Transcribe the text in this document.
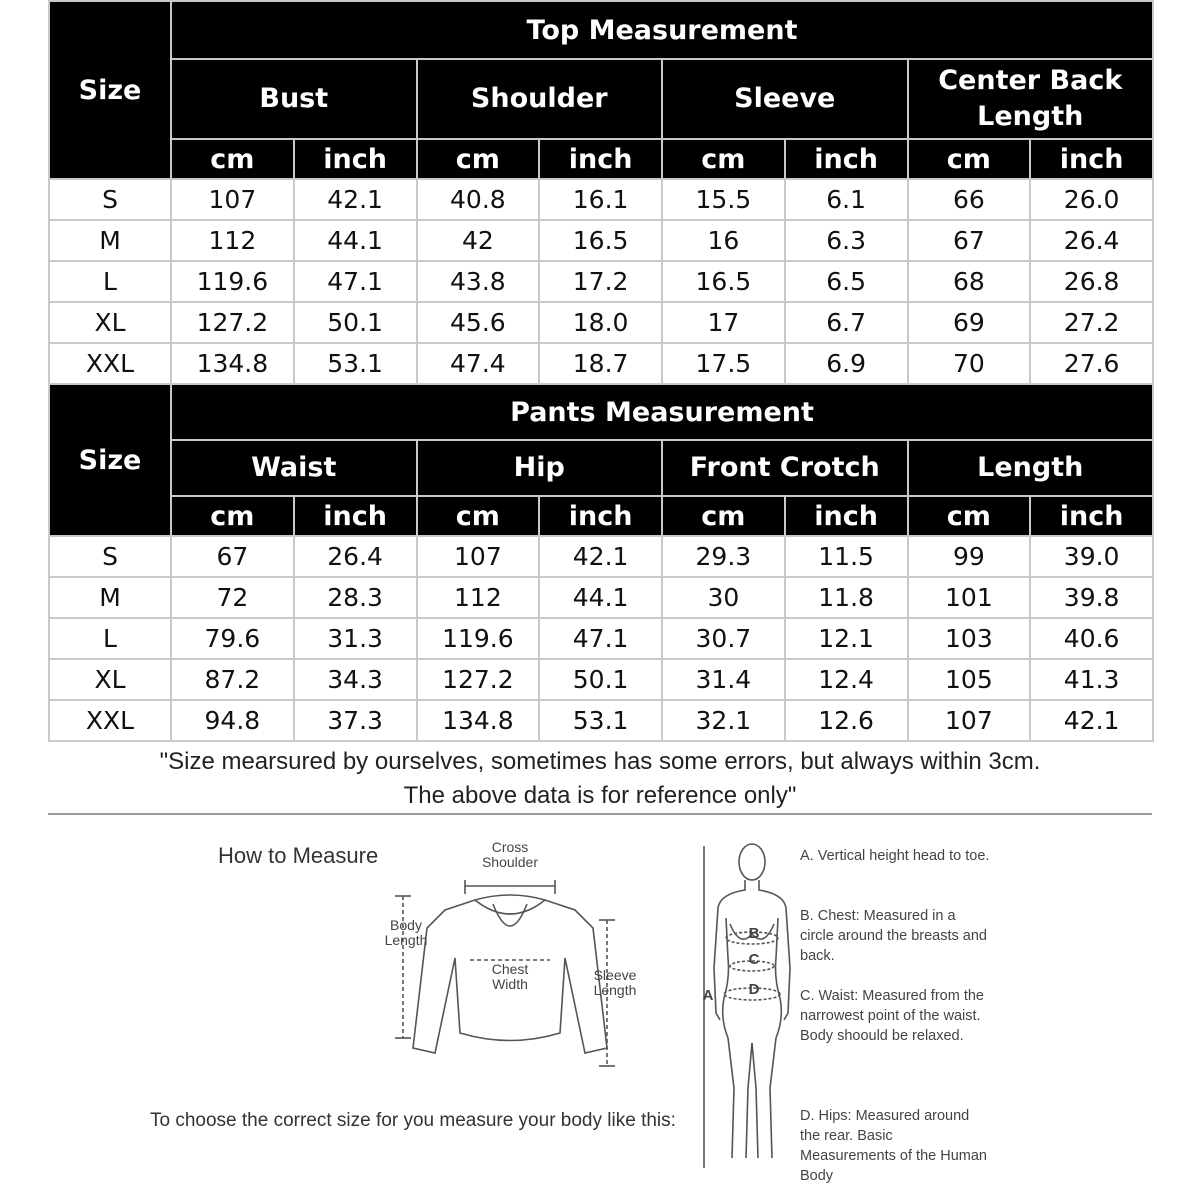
Size	Top Measurement							
	Bust		Shoulder		Sleeve		Center Back Length	
	cm	inch	cm	inch	cm	inch	cm	inch
S	107	42.1	40.8	16.1	15.5	6.1	66	26.0
M	112	44.1	42	16.5	16	6.3	67	26.4
L	119.6	47.1	43.8	17.2	16.5	6.5	68	26.8
XL	127.2	50.1	45.6	18.0	17	6.7	69	27.2
XXL	134.8	53.1	47.4	18.7	17.5	6.9	70	27.6
Size	Pants Measurement							
	Waist		Hip		Front Crotch		Length	
	cm	inch	cm	inch	cm	inch	cm	inch
S	67	26.4	107	42.1	29.3	11.5	99	39.0
M	72	28.3	112	44.1	30	11.8	101	39.8
L	79.6	31.3	119.6	47.1	30.7	12.1	103	40.6
XL	87.2	34.3	127.2	50.1	31.4	12.4	105	41.3
XXL	94.8	37.3	134.8	53.1	32.1	12.6	107	42.1
"Size mearsured by ourselves, sometimes has some errors, but always within 3cm.
The above data is for reference only"
How to Measure	Cross Shoulder
Body Length
Chest Width
Sleeve Length	A
B
C
D
A. Vertical height head to toe.
B. Chest: Measured in a circle around the breasts and back.
C. Waist: Measured from the narrowest point of the waist. Body shoould be relaxed.
D. Hips: Measured around the rear. Basic Measurements of the Human Body
To choose the correct size for you measure your body like this:
